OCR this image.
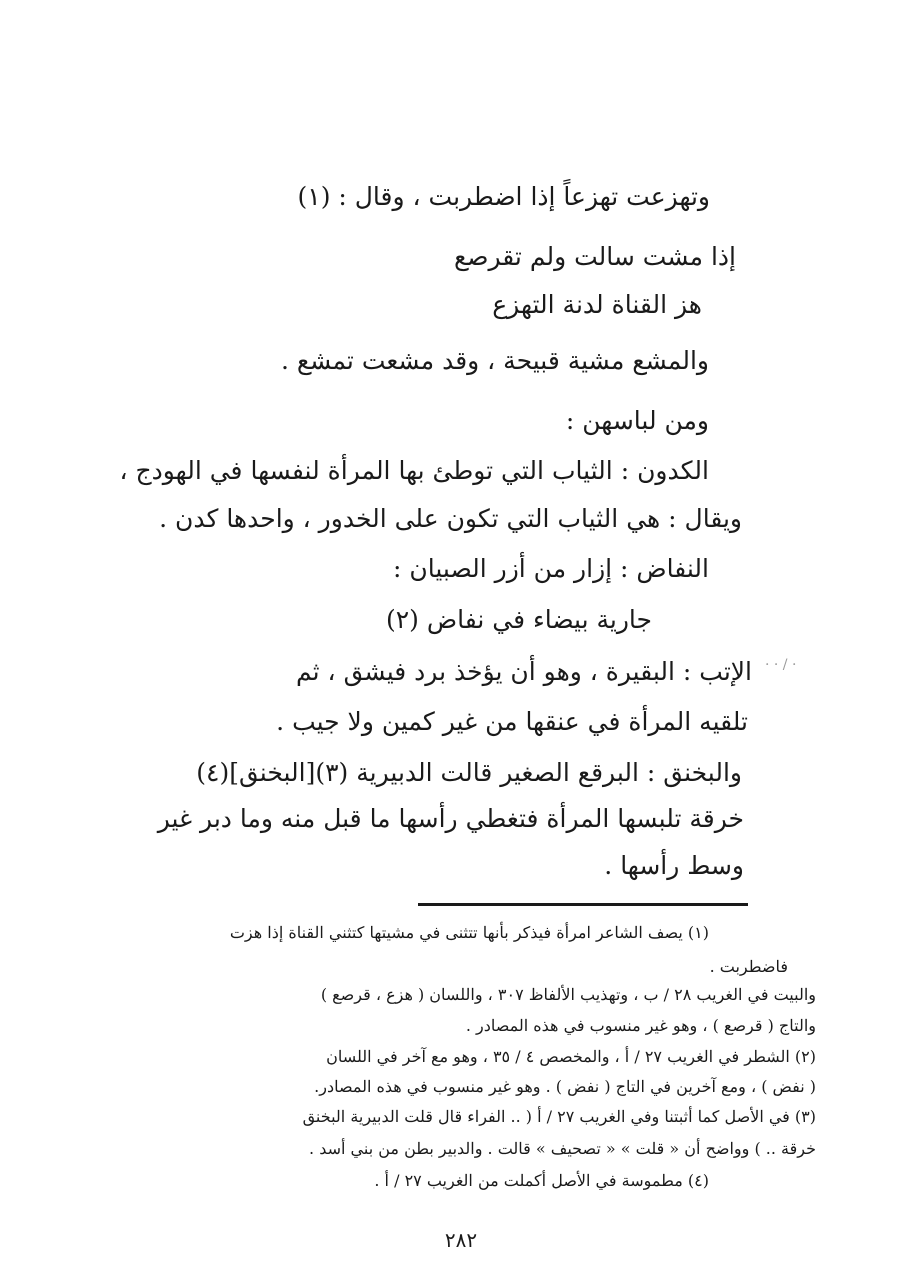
وتهزعت تهزعاً إذا اضطربت ، وقال : (١)
إذا مشت سالت ولم تقرصع
هز القناة لدنة التهزع
والمشع مشية قبيحة ، وقد مشعت تمشع .
ومن لباسهن :
الكدون : الثياب التي توطئ بها المرأة لنفسها في الهودج ،
ويقال : هي الثياب التي تكون على الخدور ، واحدها كدن .
النفاض : إزار من أزر الصبيان :
جارية بيضاء في نفاض (٢)
الإتب : البقيرة ، وهو أن يؤخذ برد فيشق ، ثم
تلقيه المرأة في عنقها من غير كمين ولا جيب .
والبخنق : البرقع الصغير قالت الدبيرية (٣)[البخنق](٤)
خرقة تلبسها المرأة فتغطي رأسها ما قبل منه وما دبر غير
وسط رأسها .
· · / ·
(١) يصف الشاعر امرأة فيذكر بأنها تتثنى في مشيتها كتثني القناة إذا هزت
فاضطربت .
والبيت في الغريب ٢٨ / ب ، وتهذيب الألفاظ ٣٠٧ ، واللسان ( هزع ، قرصع )
والتاج ( قرصع ) ، وهو غير منسوب في هذه المصادر .
(٢) الشطر في الغريب ٢٧ / أ ، والمخصص ٤ / ٣٥ ، وهو مع آخر في اللسان
( نفض ) ، ومع آخرين في التاج ( نفض ) . وهو غير منسوب في هذه المصادر.
(٣) في الأصل كما أثبتنا وفي الغريب ٢٧ / أ ( .. الفراء قال قلت الدبيرية البخنق
خرقة .. ) وواضح أن « قلت » « تصحيف » قالت . والدبير بطن من بني أسد .
(٤) مطموسة في الأصل أكملت من الغريب ٢٧ / أ .
٢٨٢
